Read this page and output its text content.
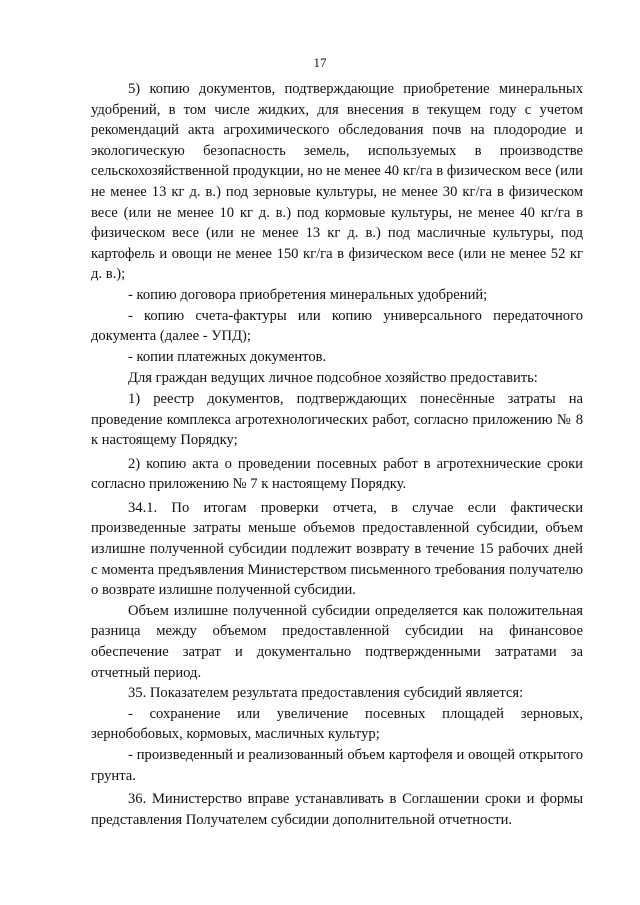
17

5) копию документов, подтверждающие приобретение минеральных удобрений, в том числе жидких, для внесения в текущем году с учетом рекомендаций акта агрохимического обследования почв на плодородие и экологическую безопасность земель, используемых в производстве сельскохозяйственной продукции, но не менее 40 кг/га в физическом весе (или не менее 13 кг д. в.) под зерновые культуры, не менее 30 кг/га в физическом весе (или не менее 10 кг д. в.) под кормовые культуры, не менее 40 кг/га в физическом весе (или не менее 13 кг д. в.) под масличные культуры, под картофель и овощи не менее 150 кг/га в физическом весе (или не менее 52 кг д. в.);

- копию договора приобретения минеральных удобрений;

- копию счета-фактуры или копию универсального передаточного документа (далее - УПД);

- копии платежных документов.

Для граждан ведущих личное подсобное хозяйство предоставить:

1) реестр документов, подтверждающих понесённые затраты на проведение комплекса агротехнологических работ, согласно приложению № 8 к настоящему Порядку;

2) копию акта о проведении посевных работ в агротехнические сроки согласно приложению № 7 к настоящему Порядку.

34.1. По итогам проверки отчета, в случае если фактически произведенные затраты меньше объемов предоставленной субсидии, объем излишне полученной субсидии подлежит возврату в течение 15 рабочих дней с момента предъявления Министерством письменного требования получателю о возврате излишне полученной субсидии.

Объем излишне полученной субсидии определяется как положительная разница между объемом предоставленной субсидии на финансовое обеспечение затрат и документально подтвержденными затратами за отчетный период.

35. Показателем результата предоставления субсидий является:

- сохранение или увеличение посевных площадей зерновых, зернобобовых, кормовых, масличных культур;

- произведенный и реализованный объем картофеля и овощей открытого грунта.

36. Министерство вправе устанавливать в Соглашении сроки и формы представления Получателем субсидии дополнительной отчетности.
